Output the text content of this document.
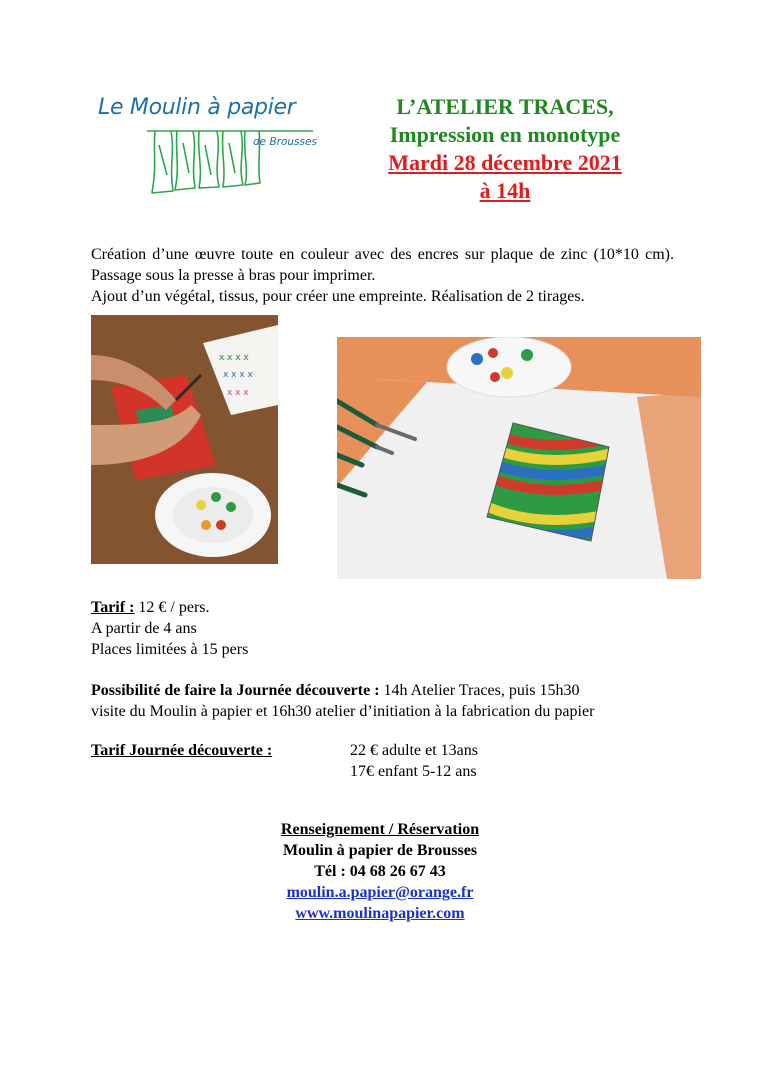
Le Moulin à papier
de Brousses
L’ATELIER TRACES,
Impression en monotype
Mardi 28 décembre 2021
à 14h

Création d’une œuvre toute en couleur avec des encres sur plaque de zinc (10*10 cm). Passage sous la presse à bras pour imprimer.

Ajout d’un végétal, tissus, pour créer une empreinte. Réalisation de 2 tirages.

x x x x
x x x x
x x x
Tarif : 12 € / pers.
A partir de 4 ans
Places limitées à 15 pers
Possibilité de faire la Journée découverte : 14h Atelier Traces, puis 15h30
visite du Moulin à papier et 16h30 atelier d’initiation à la fabrication du papier
Tarif Journée découverte :	22 € adulte et 13ans
17€ enfant 5-12 ans
Renseignement / Réservation
Moulin à papier de Brousses
Tél : 04 68 26 67 43
moulin.a.papier@orange.fr
www.moulinapapier.com
